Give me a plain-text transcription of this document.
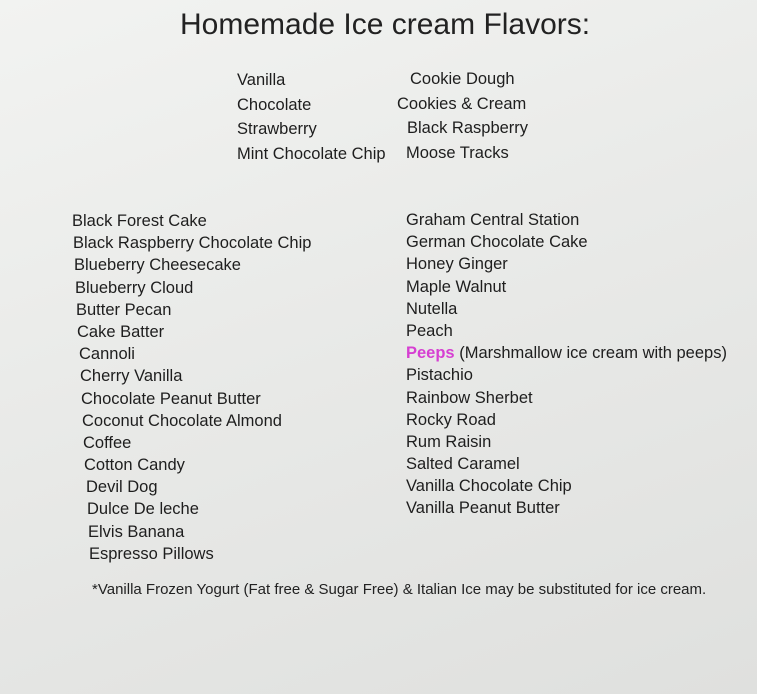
Homemade Ice cream Flavors:
Vanilla
Chocolate
Strawberry
Mint Chocolate Chip
Cookie Dough
Cookies & Cream
Black Raspberry
Moose Tracks
Black Forest Cake
Black Raspberry Chocolate Chip
Blueberry Cheesecake
Blueberry Cloud
Butter Pecan
Cake Batter
Cannoli
Cherry Vanilla
Chocolate Peanut Butter
Coconut Chocolate Almond
Coffee
Cotton Candy
Devil Dog
Dulce De leche
Elvis Banana
Espresso Pillows
Graham Central Station
German Chocolate Cake
Honey Ginger
Maple Walnut
Nutella
Peach
Peeps (Marshmallow ice cream with peeps)
Pistachio
Rainbow Sherbet
Rocky Road
Rum Raisin
Salted Caramel
Vanilla Chocolate Chip
Vanilla Peanut Butter
*Vanilla Frozen Yogurt (Fat free & Sugar Free) & Italian Ice may be substituted for ice cream.
